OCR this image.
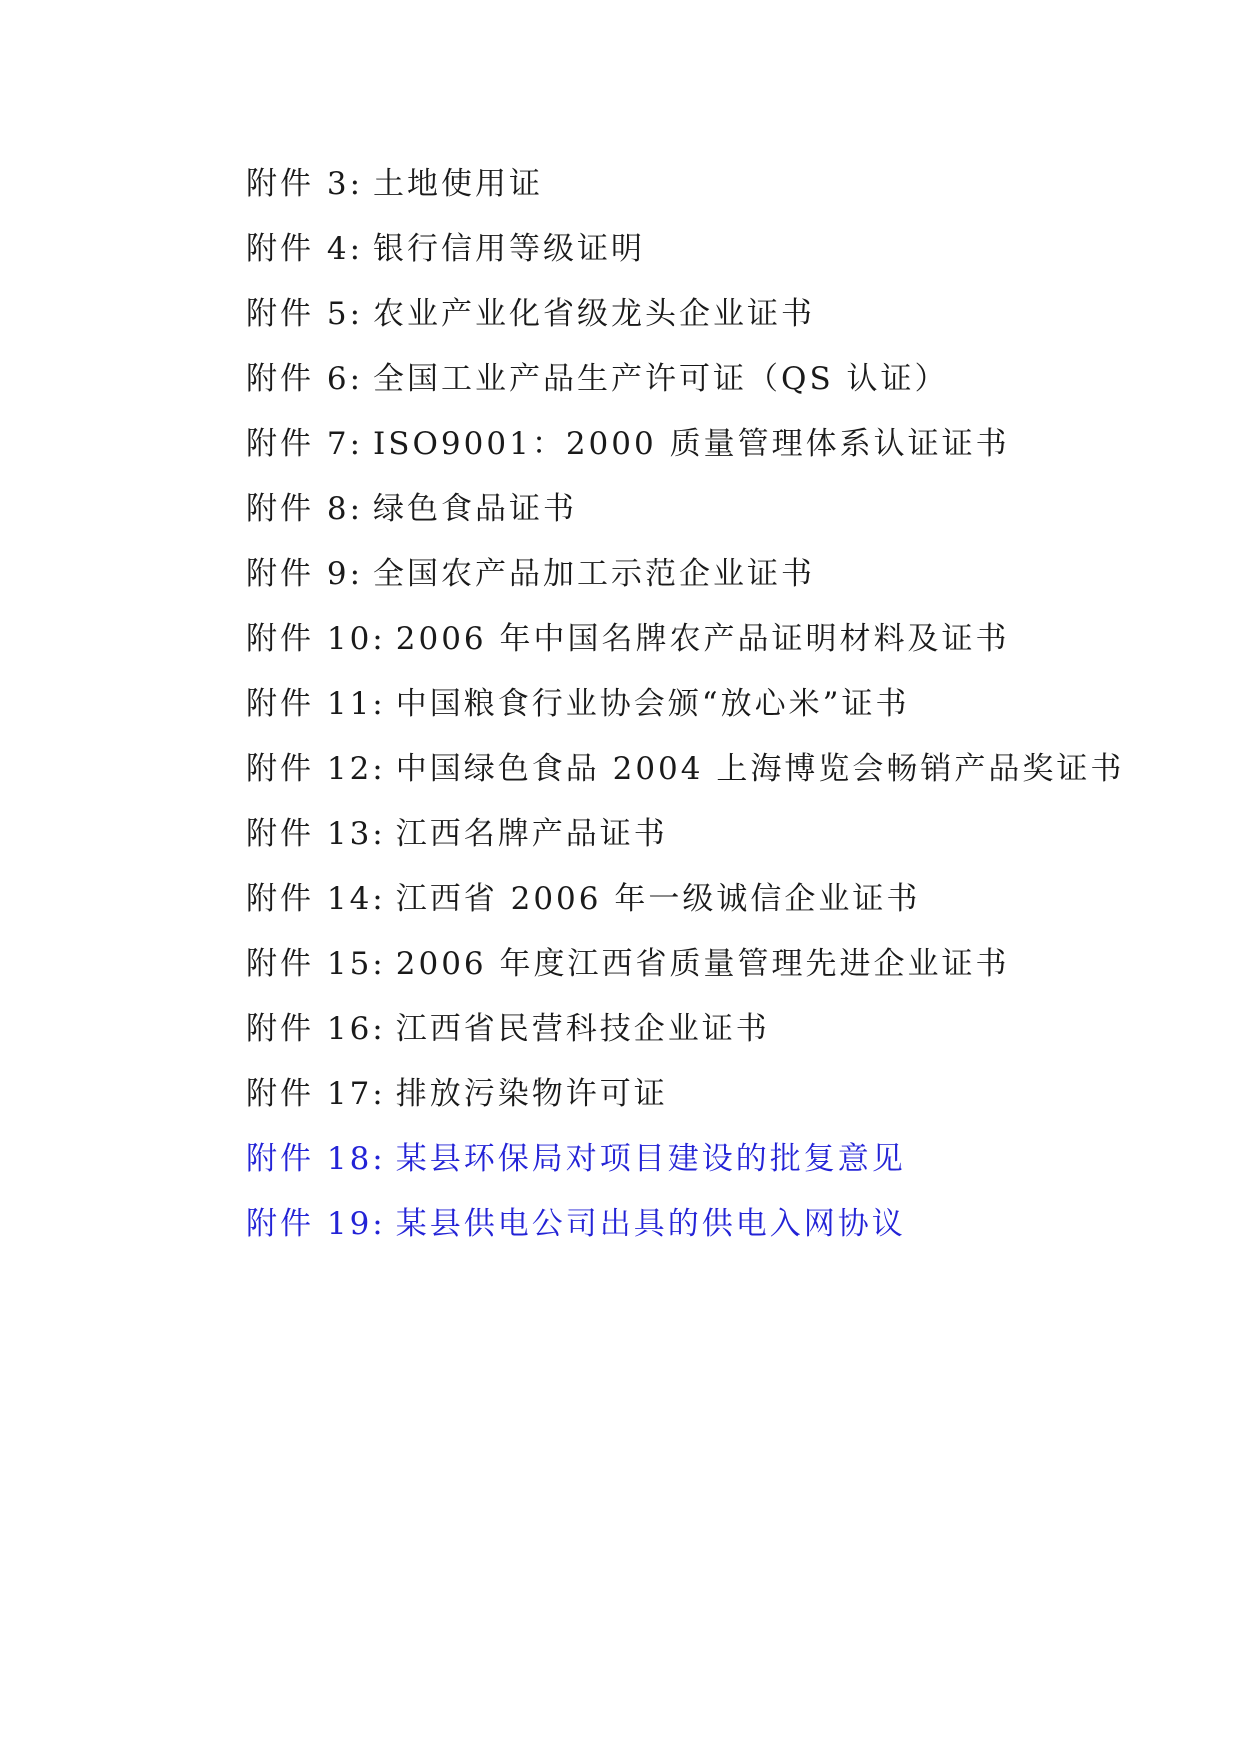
附件 3: 土地使用证
附件 4: 银行信用等级证明
附件 5: 农业产业化省级龙头企业证书
附件 6: 全国工业产品生产许可证（QS 认证）
附件 7: ISO9001：2000 质量管理体系认证证书
附件 8: 绿色食品证书
附件 9: 全国农产品加工示范企业证书
附件 10: 2006 年中国名牌农产品证明材料及证书
附件 11: 中国粮食行业协会颁“放心米”证书
附件 12: 中国绿色食品 2004 上海博览会畅销产品奖证书
附件 13: 江西名牌产品证书
附件 14: 江西省 2006 年一级诚信企业证书
附件 15: 2006 年度江西省质量管理先进企业证书
附件 16: 江西省民营科技企业证书
附件 17: 排放污染物许可证
附件 18: 某县环保局对项目建设的批复意见
附件 19: 某县供电公司出具的供电入网协议
